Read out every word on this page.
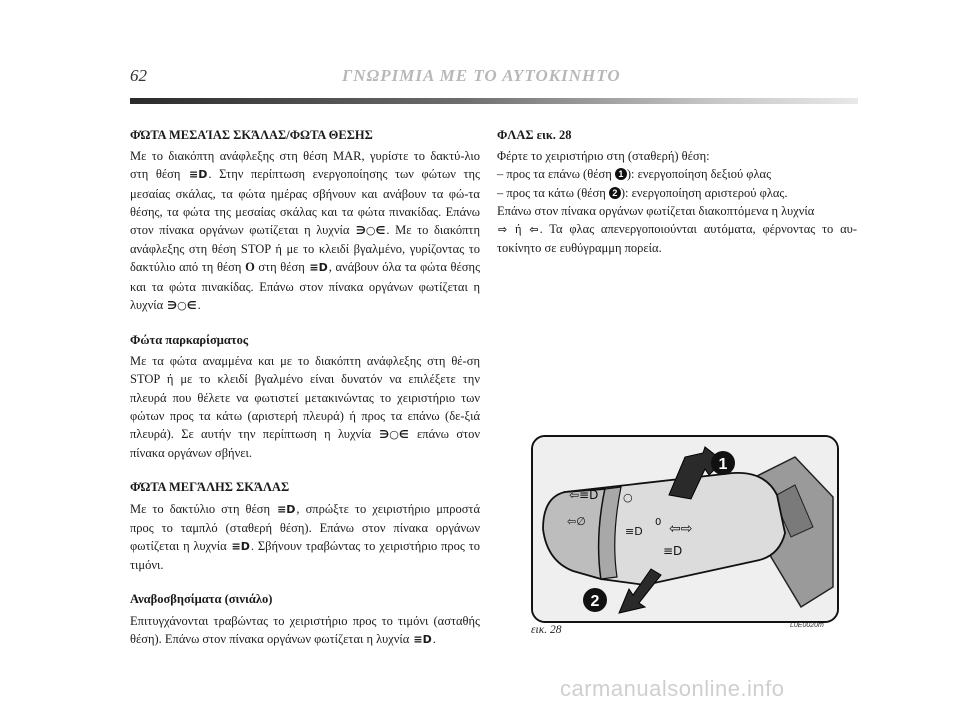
62	ΓΝΩΡΙΜΙΑ ΜΕ ΤΟ ΑΥΤΟΚΙΝΗΤΟ
ΦΏΤΑ ΜΕΣΑΊΑΣ ΣΚΆΛΑΣ/ΦΩΤΑ ΘΕΣΗΣ

Με το διακόπτη ανάφλεξης στη θέση MAR, γυρίστε το δακτύ-λιο στη θέση ≡D. Στην περίπτωση ενεργοποίησης των φώτων της μεσαίας σκάλας, τα φώτα ημέρας σβήνουν και ανάβουν τα φώ-τα θέσης, τα φώτα της μεσαίας σκάλας και τα φώτα πινακίδας. Επάνω στον πίνακα οργάνων φωτίζεται η λυχνία ∋○∈. Με το διακόπτη ανάφλεξης στη θέση STOP ή με το κλειδί βγαλμένο, γυρίζοντας το δακτύλιο από τη θέση O στη θέση ≡D, ανάβουν όλα τα φώτα θέσης και τα φώτα πινακίδας. Επάνω στον πίνακα οργάνων φωτίζεται η λυχνία ∋○∈.

Φώτα παρκαρίσματος

Με τα φώτα αναμμένα και με το διακόπτη ανάφλεξης στη θέ-ση STOP ή με το κλειδί βγαλμένο είναι δυνατόν να επιλέξετε την πλευρά που θέλετε να φωτιστεί μετακινώντας το χειριστήριο των φώτων προς τα κάτω (αριστερή πλευρά) ή προς τα επάνω (δε-ξιά πλευρά). Σε αυτήν την περίπτωση η λυχνία ∋○∈ επάνω στον πίνακα οργάνων σβήνει.

ΦΏΤΑ ΜΕΓΆΛΗΣ ΣΚΆΛΑΣ

Με το δακτύλιο στη θέση ≡D, σπρώξτε το χειριστήριο μπροστά προς το ταμπλό (σταθερή θέση). Επάνω στον πίνακα οργάνων φωτίζεται η λυχνία ≡D. Σβήνουν τραβώντας το χειριστήριο προς το τιμόνι.

Αναβοσβησίματα (σινιάλο)

Επιτυγχάνονται τραβώντας το χειριστήριο προς το τιμόνι (ασταθής θέση). Επάνω στον πίνακα οργάνων φωτίζεται η λυχνία ≡D.

ΦΛΑΣ εικ. 28

Φέρτε το χειριστήριο στη (σταθερή) θέση:

– προς τα επάνω (θέση 1 ): ενεργοποίηση δεξιού φλας

– προς τα κάτω (θέση 2 ): ενεργοποίηση αριστερού φλας.

Επάνω στον πίνακα οργάνων φωτίζεται διακοπτόμενα η λυχνία

⇨ ή ⇦. Τα φλας απενεργοποιούνται αυτόματα, φέρνοντας το αυ-τοκίνητο σε ευθύγραμμη πορεία.

⇦≡D
⇦∅
○
≡D
0 ⇦⇨
≡D
1
2
εικ. 28	L0E0020m
carmanualsonline.info
